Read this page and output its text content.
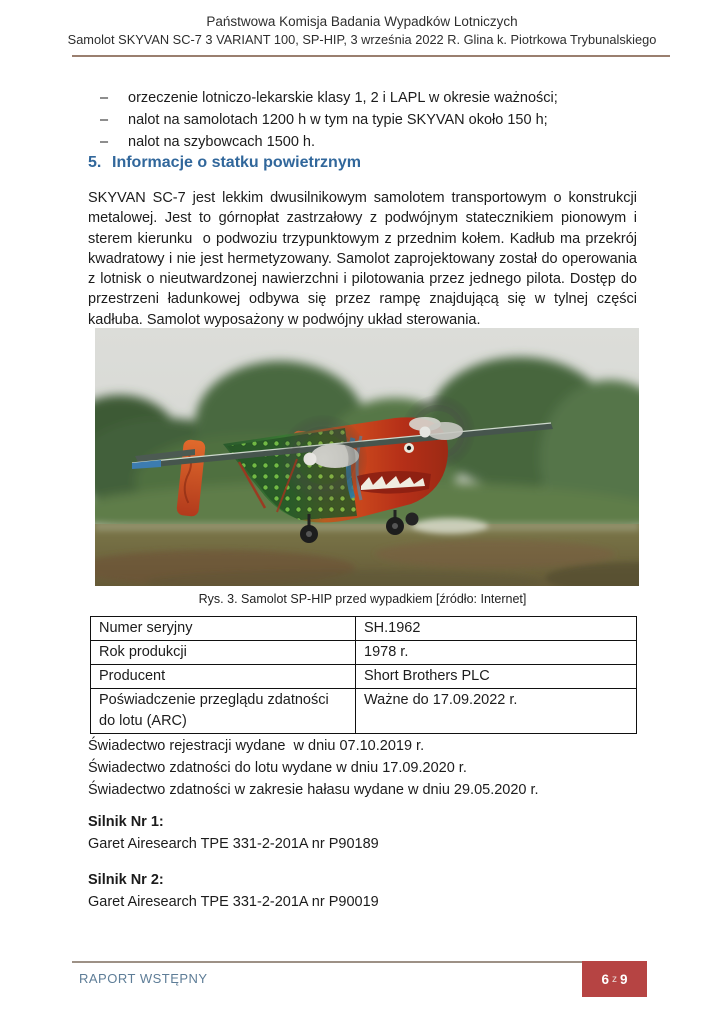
Państwowa Komisja Badania Wypadków Lotniczych
Samolot SKYVAN SC-7 3 VARIANT 100, SP-HIP, 3 września 2022 R. Glina k. Piotrkowa Trybunalskiego
–	orzeczenie lotniczo-lekarskie klasy 1, 2 i LAPL w okresie ważności;
–	nalot na samolotach 1200 h w tym na typie SKYVAN około 150 h;
–	nalot na szybowcach 1500 h.
5. Informacje o statku powietrznym
SKYVAN SC-7 jest lekkim dwusilnikowym samolotem transportowym o konstrukcji metalowej. Jest to górnopłat zastrzałowy z podwójnym statecznikiem pionowym i sterem kierunku  o podwoziu trzypunktowym z przednim kołem. Kadłub ma przekrój kwadratowy i nie jest hermetyzowany. Samolot zaprojektowany został do operowania z lotnisk o nieutwardzonej nawierzchni i pilotowania przez jednego pilota. Dostęp do przestrzeni ładunkowej odbywa się przez rampę znajdującą się w tylnej części kadłuba. Samolot wyposażony w podwójny układ sterowania.
Rys. 3. Samolot SP-HIP przed wypadkiem [źródło: Internet]
Numer seryjny	SH.1962
Rok produkcji	1978 r.
Producent	Short Brothers PLC
Poświadczenie przeglądu zdatności do lotu (ARC)	Ważne do 17.09.2022 r.
Świadectwo rejestracji wydane  w dniu 07.10.2019 r.
Świadectwo zdatności do lotu wydane w dniu 17.09.2020 r.
Świadectwo zdatności w zakresie hałasu wydane w dniu 29.05.2020 r.
Silnik Nr 1:
Garet Airesearch TPE 331-2-201A nr P90189
Silnik Nr 2:
Garet Airesearch TPE 331-2-201A nr P90019
RAPORT WSTĘPNY	6 z 9
